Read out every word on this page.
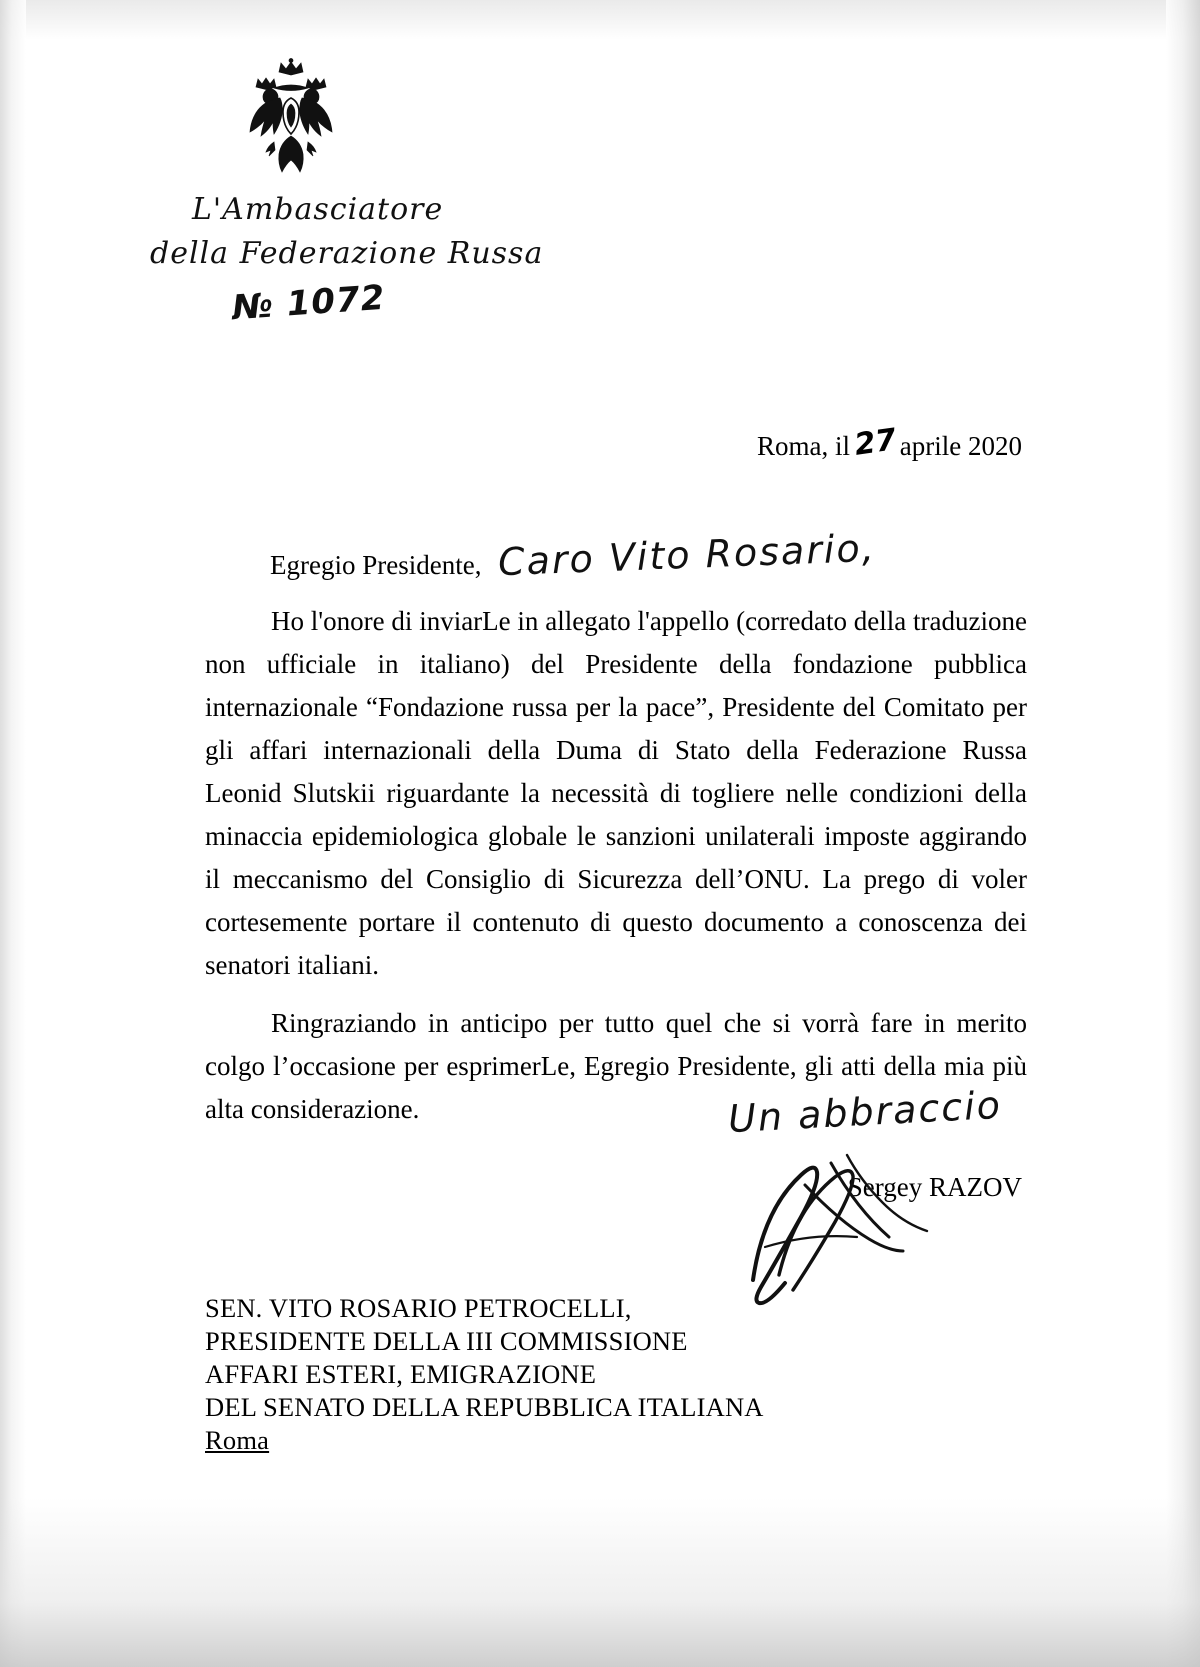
L'Ambasciatore
della Federazione Russa
№ 1072
Roma, il27aprile 2020
Egregio Presidente, Caro Vito Rosario,

Ho l'onore di inviarLe in allegato l'appello (corredato della traduzione non ufficiale in italiano) del Presidente della fondazione pubblica internazionale “Fondazione russa per la pace”, Presidente del Comitato per gli affari internazionali della Duma di Stato della Federazione Russa Leonid Slutskii riguardante la necessità di togliere nelle condizioni della minaccia epidemiologica globale le sanzioni unilaterali imposte aggirando il meccanismo del Consiglio di Sicurezza dell’ONU. La prego di voler cortesemente portare il contenuto di questo documento a conoscenza dei senatori italiani.

Ringraziando in anticipo per tutto quel che si vorrà fare in merito colgo l’occasione per esprimerLe, Egregio Presidente, gli atti della mia più alta considerazione.	Un abbraccio
Sergey RAZOV
SEN. VITO ROSARIO PETROCELLI,
PRESIDENTE DELLA III COMMISSIONE
AFFARI ESTERI, EMIGRAZIONE
DEL SENATO DELLA REPUBBLICA ITALIANA
Roma
